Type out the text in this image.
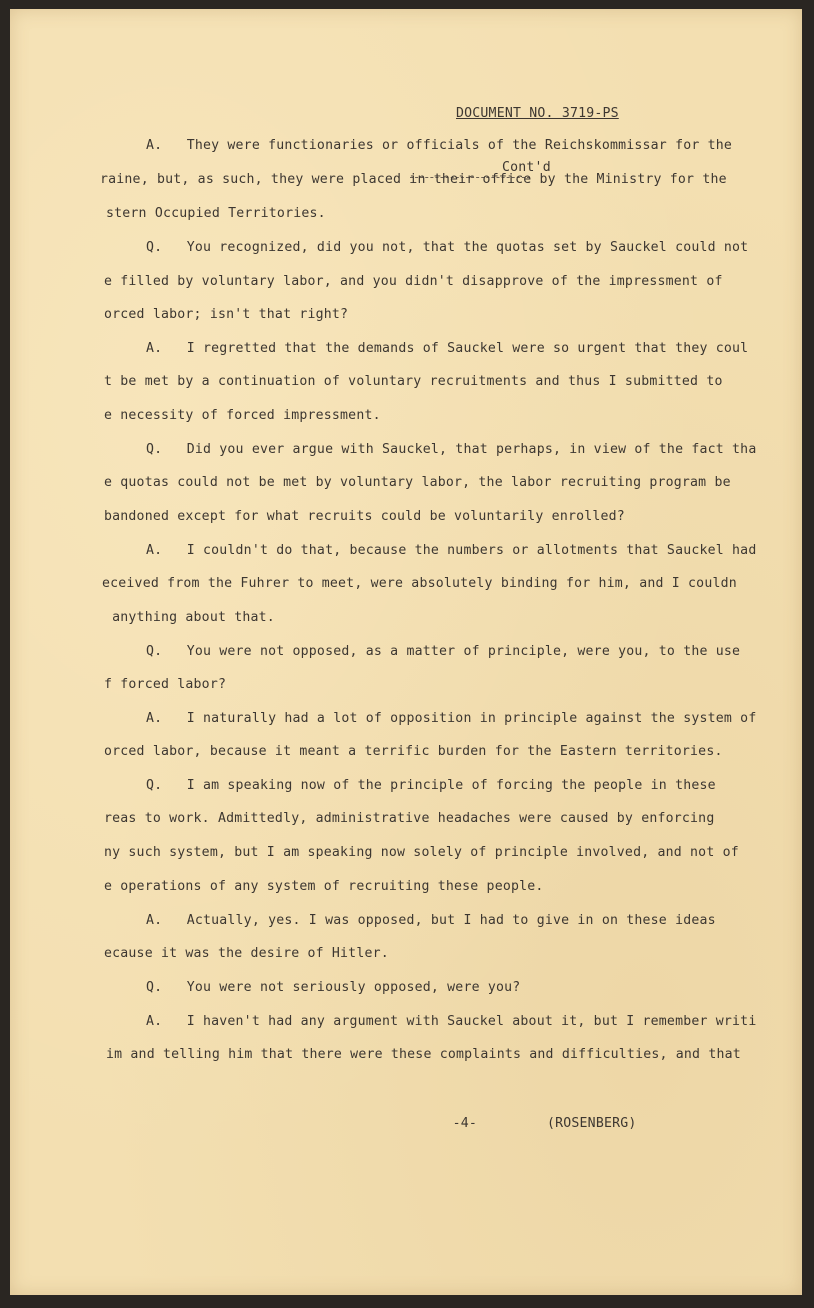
DOCUMENT NO. 3719-PS

Cont'd

A.   They were functionaries or officials of the Reichskommissar for the

raine, but, as such, they were placed in their office by the Ministry for the

stern Occupied Territories.

Q.   You recognized, did you not, that the quotas set by Sauckel could not

e filled by voluntary labor, and you didn't disapprove of the impressment of

orced labor; isn't that right?

A.   I regretted that the demands of Sauckel were so urgent that they coul

t be met by a continuation of voluntary recruitments and thus I submitted to

e necessity of forced impressment.

Q.   Did you ever argue with Sauckel, that perhaps, in view of the fact tha

e quotas could not be met by voluntary labor, the labor recruiting program be

bandoned except for what recruits could be voluntarily enrolled?

A.   I couldn't do that, because the numbers or allotments that Sauckel had

eceived from the Fuhrer to meet, were absolutely binding for him, and I couldn

anything about that.

Q.   You were not opposed, as a matter of principle, were you, to the use

f forced labor?

A.   I naturally had a lot of opposition in principle against the system of

orced labor, because it meant a terrific burden for the Eastern territories.

Q.   I am speaking now of the principle of forcing the people in these

reas to work. Admittedly, administrative headaches were caused by enforcing

ny such system, but I am speaking now solely of principle involved, and not of

e operations of any system of recruiting these people.

A.   Actually, yes. I was opposed, but I had to give in on these ideas

ecause it was the desire of Hitler.

Q.   You were not seriously opposed, were you?

A.   I haven't had any argument with Sauckel about it, but I remember writi

im and telling him that there were these complaints and difficulties, and that

-4-	(ROSENBERG)
